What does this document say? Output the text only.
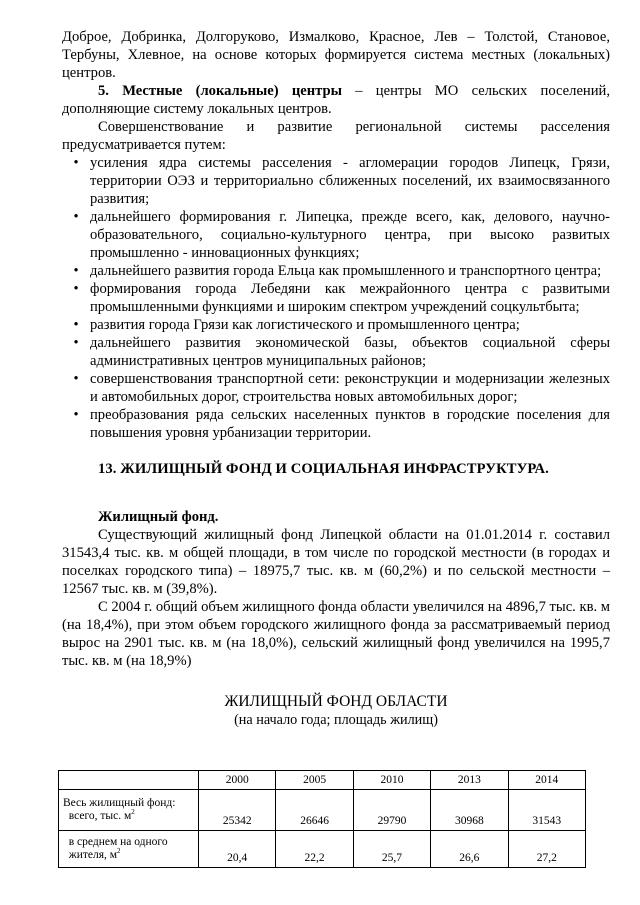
Доброе, Добринка, Долгоруково, Измалково, Красное, Лев – Толстой, Становое, Тербуны, Хлевное, на основе которых формируется система местных (локальных) центров.

5. Местные (локальные) центры – центры МО сельских поселений, дополняющие систему локальных центров.

Совершенствование и развитие региональной системы расселения предусматривается путем:

• усиления ядра системы расселения - агломерации городов Липецк, Грязи, территории ОЭЗ и территориально сближенных поселений, их взаимосвязанного развития;
• дальнейшего формирования г. Липецка, прежде всего, как, делового, научно-образовательного, социально-культурного центра, при высоко развитых промышленно - инновационных функциях;
• дальнейшего развития города Ельца как промышленного и транспортного центра;
• формирования города Лебедяни как межрайонного центра с развитыми промышленными функциями и широким спектром учреждений соцкультбыта;
• развития города Грязи как логистического и промышленного центра;
• дальнейшего развития экономической базы, объектов социальной сферы административных центров муниципальных районов;
• совершенствования транспортной сети: реконструкции и модернизации железных и автомобильных дорог, строительства новых автомобильных дорог;
• преобразования ряда сельских населенных пунктов в городские поселения для повышения уровня урбанизации территории.
13. ЖИЛИЩНЫЙ ФОНД И СОЦИАЛЬНАЯ ИНФРАСТРУКТУРА.

Жилищный фонд.

Существующий жилищный фонд Липецкой области на 01.01.2014 г. составил 31543,4 тыс. кв. м общей площади, в том числе по городской местности (в городах и поселках городского типа) – 18975,7 тыс. кв. м (60,2%) и по сельской местности – 12567 тыс. кв. м (39,8%).

С 2004 г. общий объем жилищного фонда области увеличился на 4896,7 тыс. кв. м (на 18,4%), при этом объем городского жилищного фонда за рассматриваемый период вырос на 2901 тыс. кв. м (на 18,0%), сельский жилищный фонд увеличился на 1995,7 тыс. кв. м (на 18,9%)

ЖИЛИЩНЫЙ ФОНД ОБЛАСТИ
(на начало года; площадь жилищ)
	2000	2005	2010	2013	2014
Весь жилищный фонд:
всего, тыс. $м^2$	25342	26646	29790	30968	31543
в среднем на одного
жителя, $м^2$	20,4	22,2	25,7	26,6	27,2
